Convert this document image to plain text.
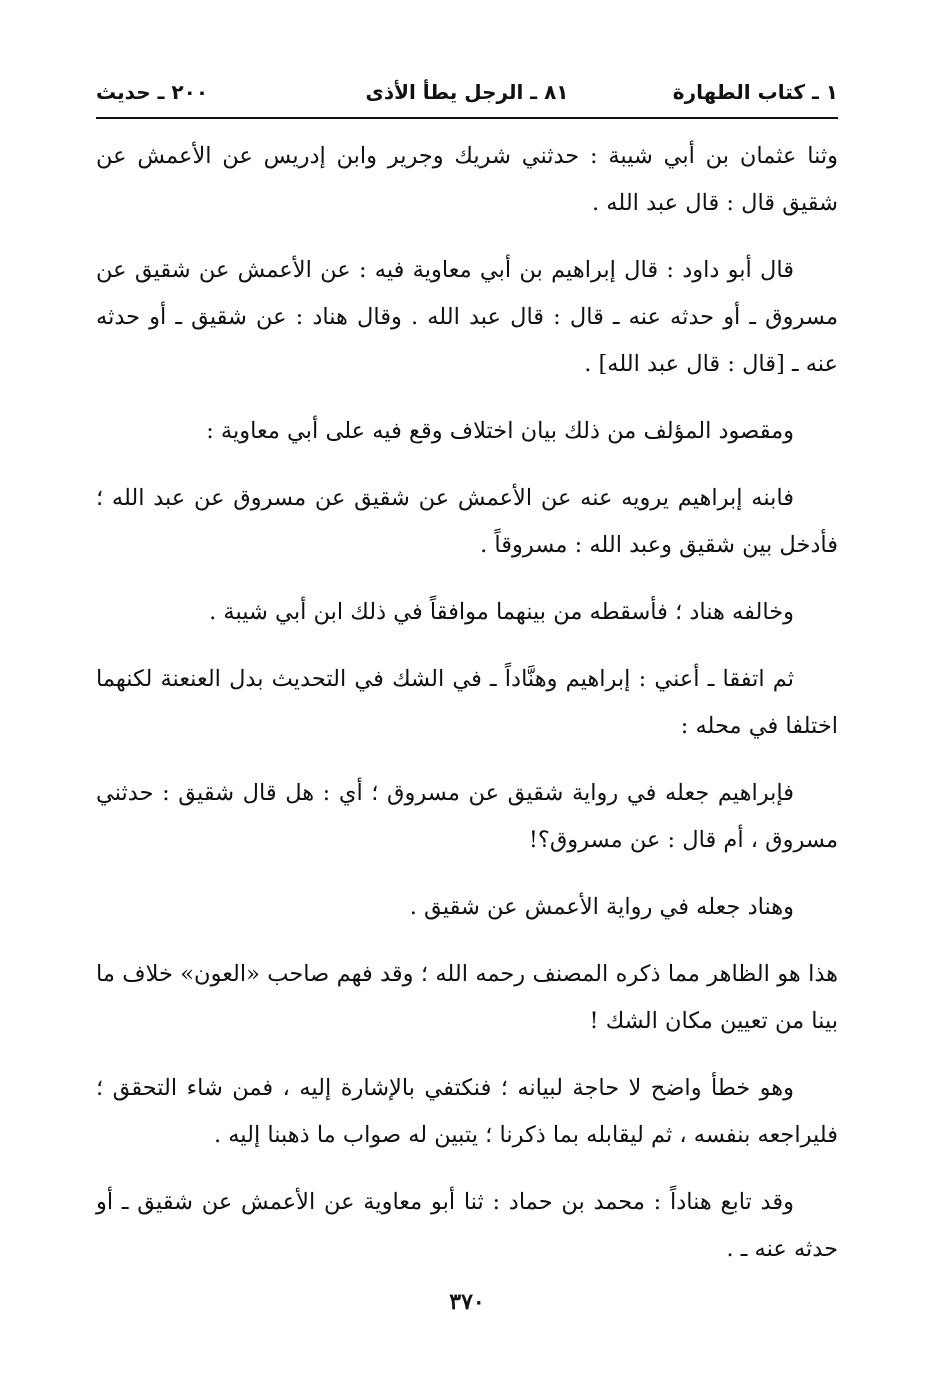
١ ـ كتاب الطهارة
٨١ ـ الرجل يطأ الأذى
٢٠٠ ـ حديث

وثنا عثمان بن أبي شيبة : حدثني شريك وجرير وابن إدريس عن الأعمش عن شقيق قال : قال عبد الله .

قال أبو داود : قال إبراهيم بن أبي معاوية فيه : عن الأعمش عن شقيق عن مسروق ـ أو حدثه عنه ـ قال : قال عبد الله . وقال هناد : عن شقيق ـ أو حدثه عنه ـ [قال : قال عبد الله] .

ومقصود المؤلف من ذلك بيان اختلاف وقع فيه على أبي معاوية :

فابنه إبراهيم يرويه عنه عن الأعمش عن شقيق عن مسروق عن عبد الله ؛ فأدخل بين شقيق وعبد الله : مسروقاً .

وخالفه هناد ؛ فأسقطه من بينهما موافقاً في ذلك ابن أبي شيبة .

ثم اتفقا ـ أعني : إبراهيم وهنَّاداً ـ في الشك في التحديث بدل العنعنة لكنهما اختلفا في محله :

فإبراهيم جعله في رواية شقيق عن مسروق ؛ أي : هل قال شقيق : حدثني مسروق ، أم قال : عن مسروق؟!

وهناد جعله في رواية الأعمش عن شقيق .

هذا هو الظاهر مما ذكره المصنف رحمه الله ؛ وقد فهم صاحب «العون» خلاف ما بينا من تعيين مكان الشك !

وهو خطأ واضح لا حاجة لبيانه ؛ فنكتفي بالإشارة إليه ، فمن شاء التحقق ؛ فليراجعه بنفسه ، ثم ليقابله بما ذكرنا ؛ يتبين له صواب ما ذهبنا إليه .

وقد تابع هناداً : محمد بن حماد : ثنا أبو معاوية عن الأعمش عن شقيق ـ أو حدثه عنه ـ .

٣٧٠
